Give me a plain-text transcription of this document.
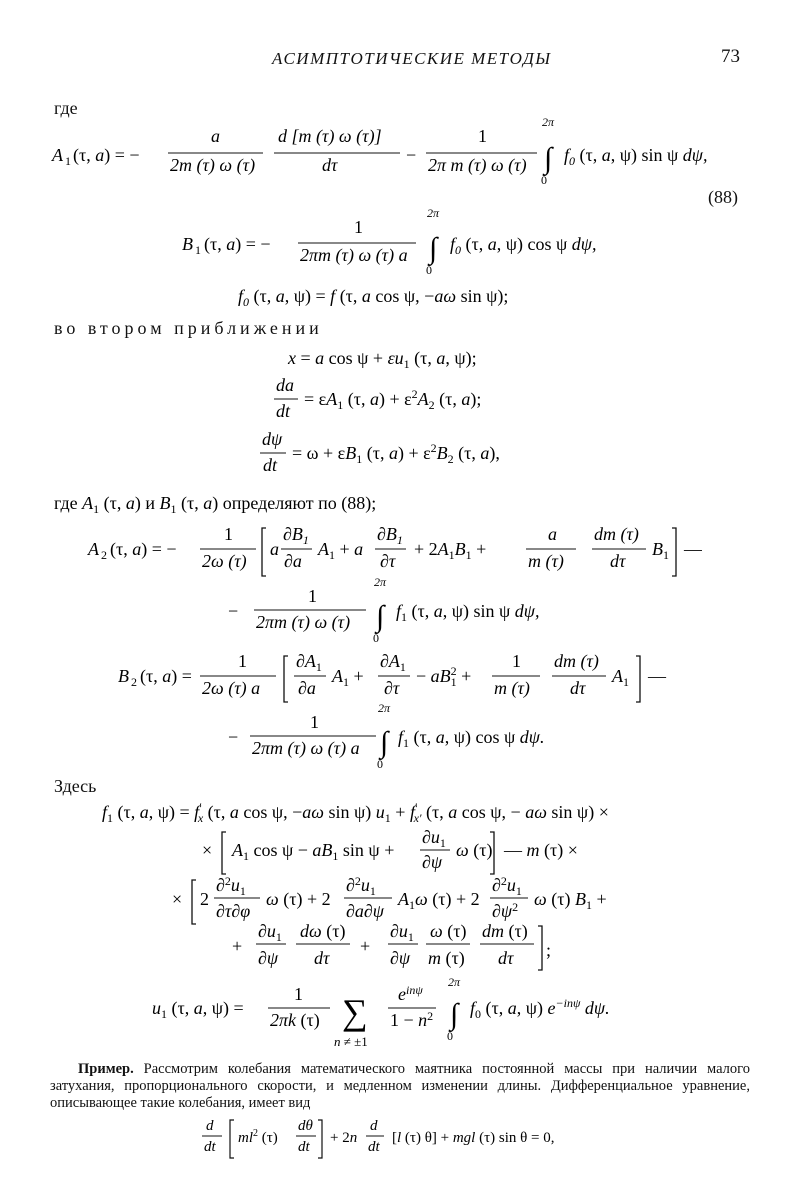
АСИМПТОТИЧЕСКИЕ МЕТОДЫ	73
где
A 1 (τ, a) = −
a
2m (τ) ω (τ)
d [m (τ) ω (τ)]
dτ	−
1
2π m (τ) ω (τ)
2π
∫
0
$f_0$ (τ, a, ψ) sin ψ dψ,
(88)
B 1 (τ, a) = −
1
2πm (τ) ω (τ) a
2π
∫
0
$f_0$ (τ, a, ψ) cos ψ dψ,
$f_0$ (τ, a, ψ) = f (τ, a cos ψ, −aω sin ψ);
во втором приближении
x = a $\cos \psi + \varepsilon u_1$ (τ, a, ψ);
da
dt
= $\varepsilon A_1$ (τ, $a) + \varepsilon^2A_2$ (τ, a);
dψ
dt
= $\omega + \varepsilon B_1$ (τ, $a) + \varepsilon^2B_2$ (τ, a),
где $A_1$ (τ, a) и $B_1$ (τ, a) определяют по (88);
A 2 (τ, a) = −
1
2ω (τ)
a
$\partial B_1$
∂a
$A_1 + a$
$\partial B_1$
∂τ
+ $2A_1B_1$ +
a
m (τ)
dm (τ)
dτ
$B_1$ —
−
1
2πm (τ) ω (τ)
2π
∫
0
$f_1$ (τ, a, ψ) sin ψ dψ,
B 2 (τ, a) =
1
2ω (τ) a
$\partial A_1$
∂a
$A_1$ +
$\partial A_1$
∂τ
− $aB^2$ 1 +
1
m (τ)
dm (τ)
dτ
$A_1$ —
−
1
2πm (τ) ω (τ) a
2π
∫
0
$f_1$ (τ, a, ψ) cos ψ dψ.
Здесь
$f_1$ (τ, a, ψ) = f′ x (τ, a cos ψ, −aω sin ψ) $u_1 + f'$ x′ (τ, a cos ψ, − aω sin ψ) ×
× $A_1$ $\cos \psi - aB_1$ sin ψ +
$\partial u_1$
∂ψ
ω (τ) — m (τ) ×
× 2
$\partial^2u_1$
∂τ∂φ
ω (τ) + 2
$\partial^2u_1$
∂a∂ψ
$A_1\omega$ (τ) + 2
$\partial^2u_1$
$\partial\psi^2$ ω (τ) $B_1$ +
+
$\partial u_1$
∂ψ
dω (τ)
dτ
+
$\partial u_1$
∂ψ
ω (τ)
m (τ)
dm (τ)
dτ ;
$u_1$ (τ, a, ψ) =
1
2πk (τ) ∑
n ≠ ±1
$e^{in\psi}$
$1 - n^2$
2π
∫
0
$f_0$ (τ, a, ψ) $e^{-in\psi}$ dψ.
Пример. Рассмотрим колебания математического маятника постоянной массы при наличии малого затухания, пропорционального скорости, и медленном изменении длины. Дифференциальное уравнение, описывающее такие колебания, имеет вид
d
dt
$ml^2$ (τ)
dθ
dt
+ 2n
d
dt
[l (τ) θ] + mgl (τ) sin θ = 0,
